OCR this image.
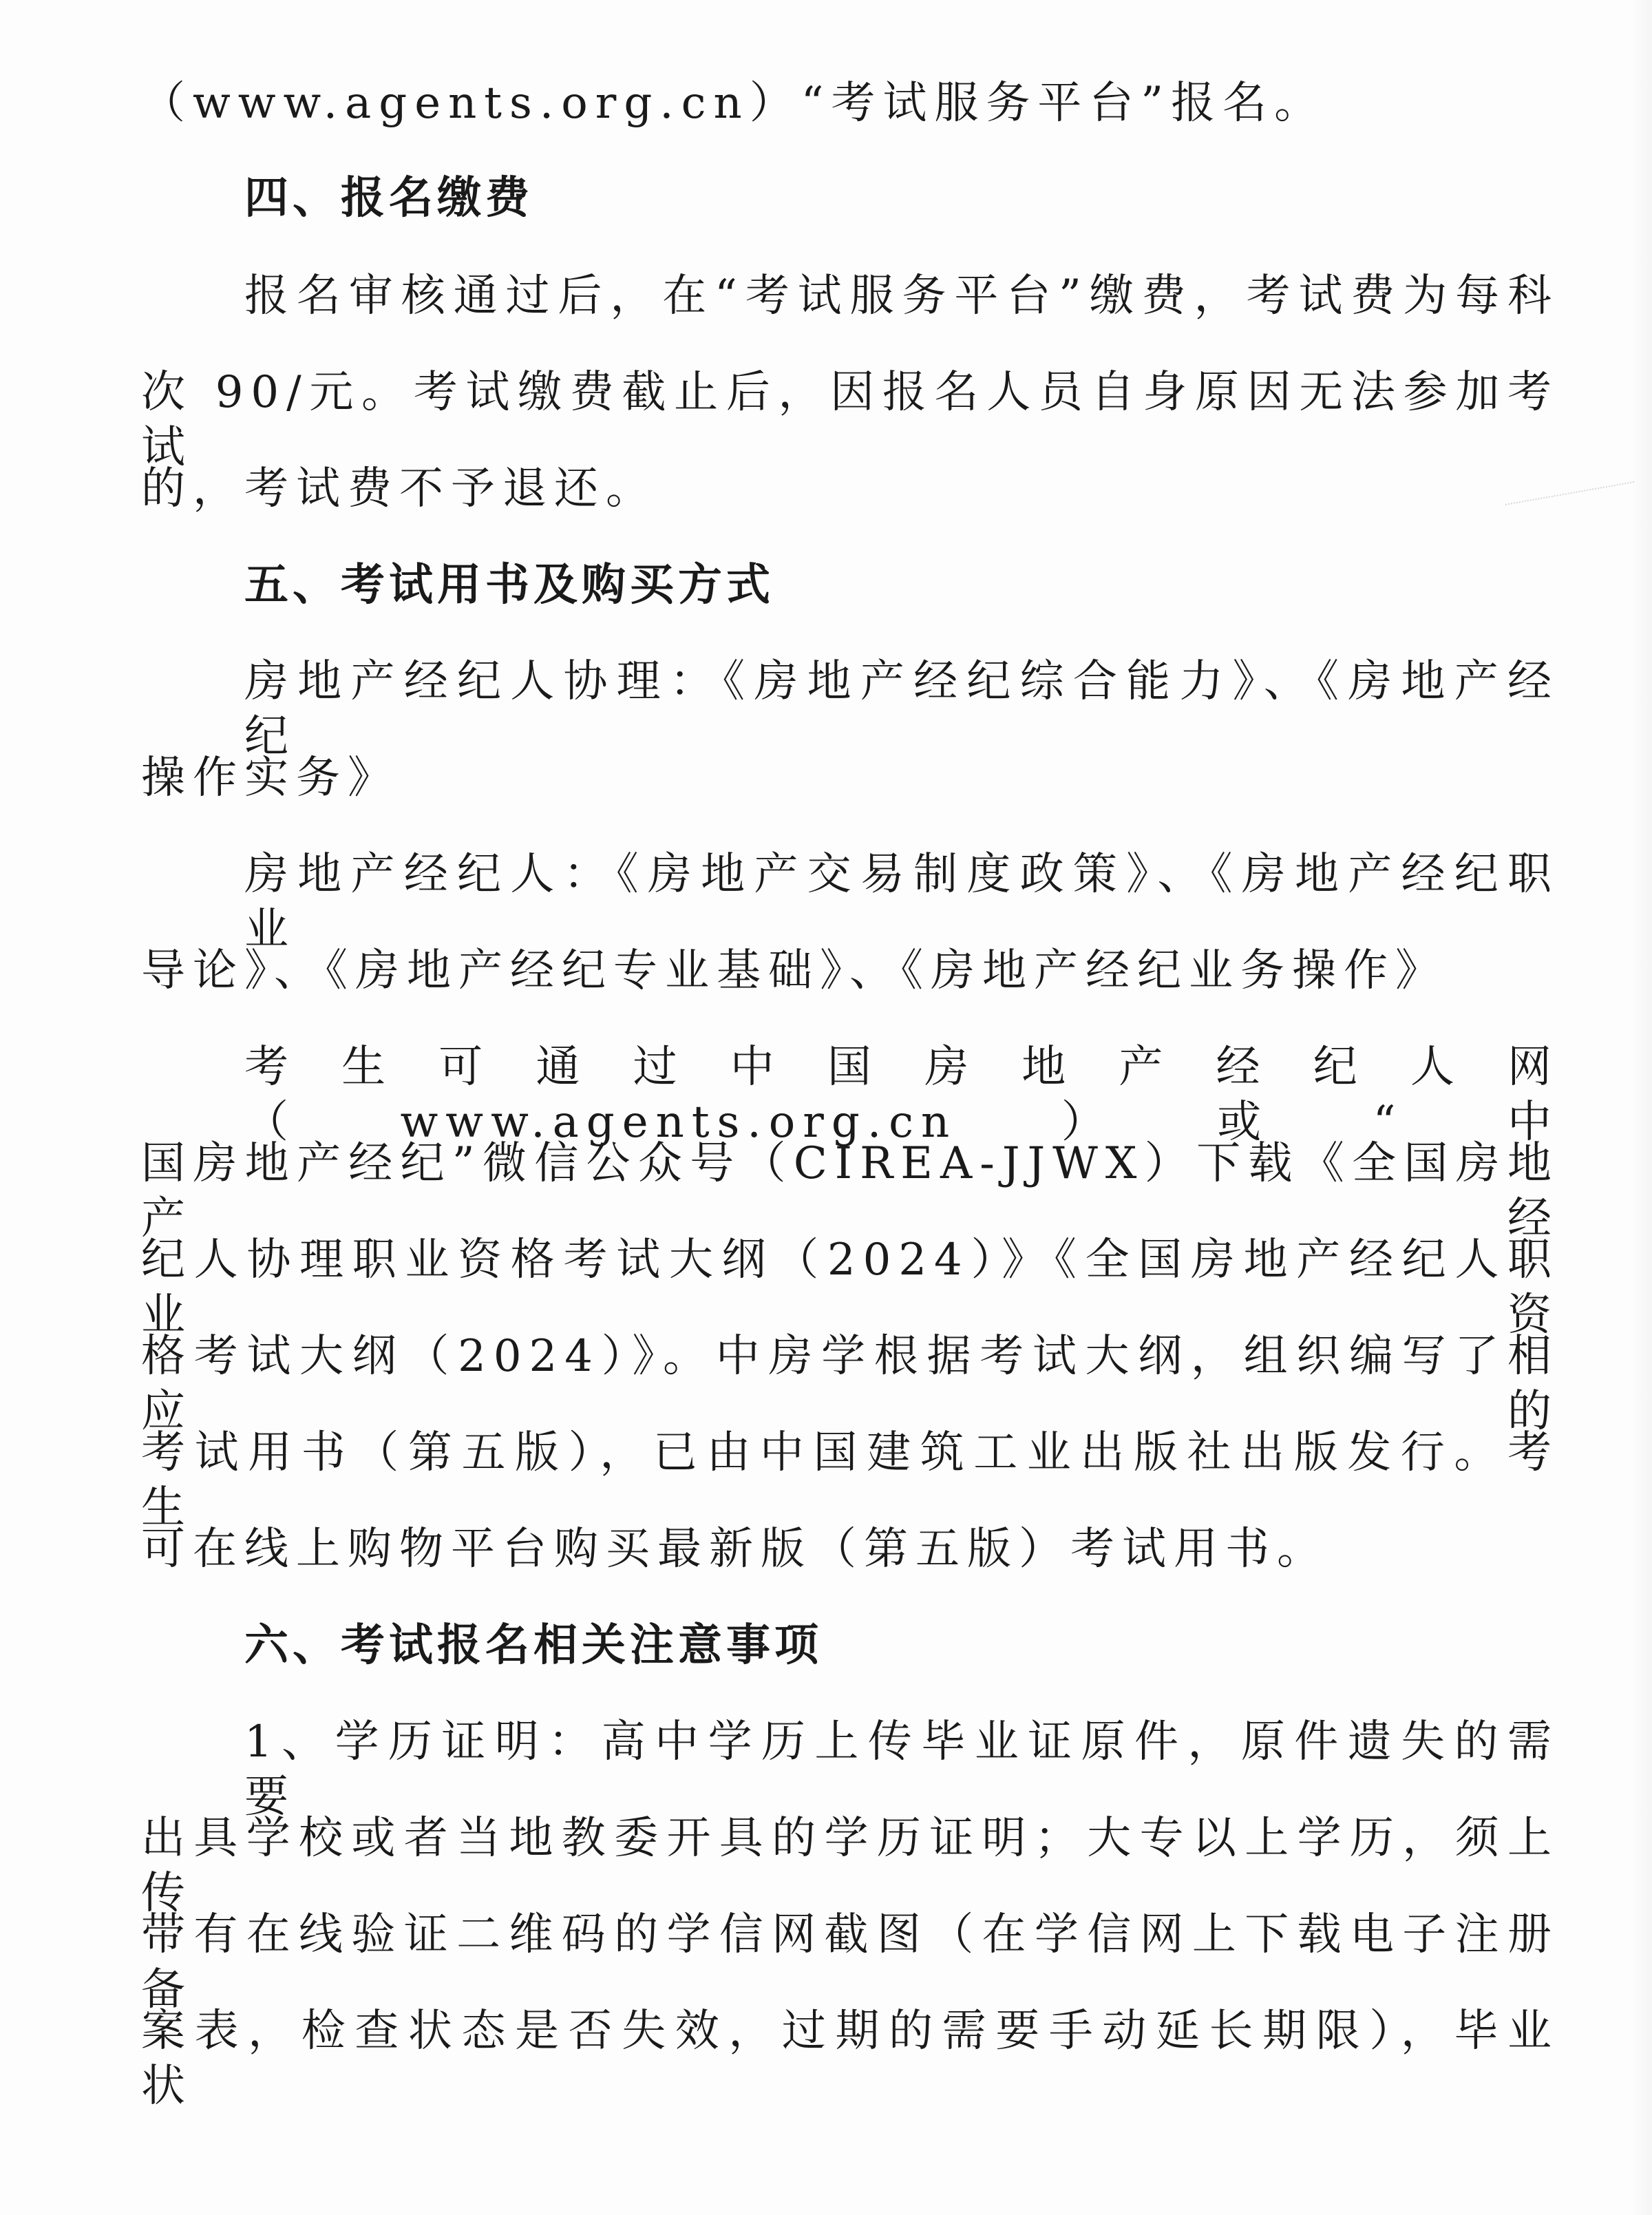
（www.agents.org.cn）“考试服务平台”报名。
四、报名缴费
报名审核通过后，在“考试服务平台”缴费，考试费为每科
次 90/元。考试缴费截止后，因报名人员自身原因无法参加考试
的，考试费不予退还。
五、考试用书及购买方式
房地产经纪人协理：《房地产经纪综合能力》、《房地产经纪
操作实务》
房地产经纪人：《房地产交易制度政策》、《房地产经纪职业
导论》、《房地产经纪专业基础》、《房地产经纪业务操作》
考生可通过中国房地产经纪人网（www.agents.org.cn）或“中
国房地产经纪”微信公众号（CIREA-JJWX）下载《全国房地产经
纪人协理职业资格考试大纲（2024）》《全国房地产经纪人职业资
格考试大纲（2024）》。中房学根据考试大纲，组织编写了相应的
考试用书（第五版），已由中国建筑工业出版社出版发行。考生
可在线上购物平台购买最新版（第五版）考试用书。
六、考试报名相关注意事项
1、学历证明：高中学历上传毕业证原件，原件遗失的需要
出具学校或者当地教委开具的学历证明；大专以上学历，须上传
带有在线验证二维码的学信网截图（在学信网上下载电子注册备
案表，检查状态是否失效，过期的需要手动延长期限），毕业状
